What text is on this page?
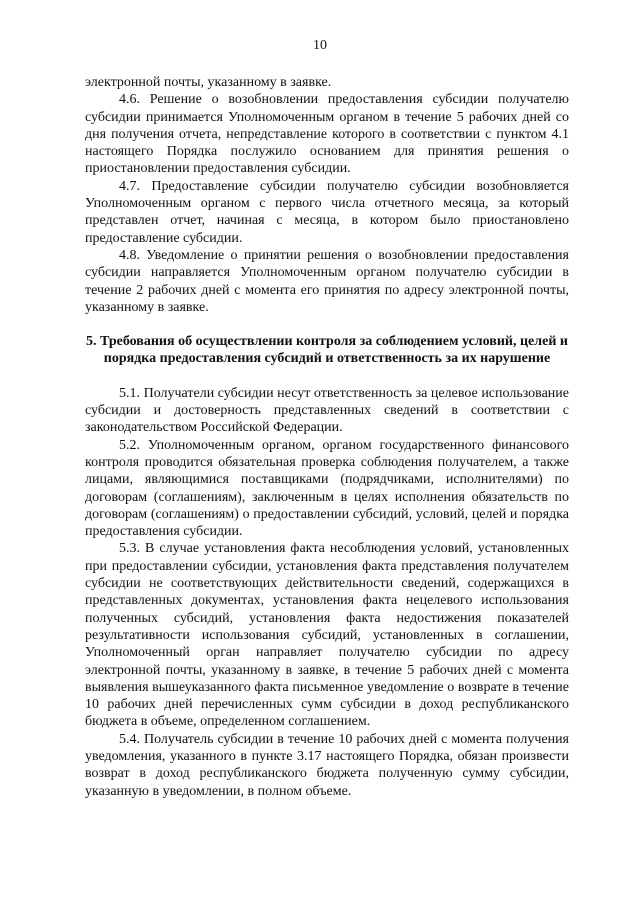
10

электронной почты, указанному в заявке.

4.6. Решение о возобновлении предоставления субсидии получателю субсидии принимается Уполномоченным органом в течение 5 рабочих дней со дня получения отчета, непредставление которого в соответствии с пунктом 4.1 настоящего Порядка послужило основанием для принятия решения о приостановлении предоставления субсидии.

4.7. Предоставление субсидии получателю субсидии возобновляется Уполномоченным органом с первого числа отчетного месяца, за который представлен отчет, начиная с месяца, в котором было приостановлено предоставление субсидии.

4.8. Уведомление о принятии решения о возобновлении предоставления субсидии направляется Уполномоченным органом получателю субсидии в течение 2 рабочих дней с момента его принятия по адресу электронной почты, указанному в заявке.

5. Требования об осуществлении контроля за соблюдением условий, целей и порядка предоставления субсидий и ответственность за их нарушение

5.1. Получатели субсидии несут ответственность за целевое использование субсидии и достоверность представленных сведений в соответствии с законодательством Российской Федерации.

5.2. Уполномоченным органом, органом государственного финансового контроля проводится обязательная проверка соблюдения получателем, а также лицами, являющимися поставщиками (подрядчиками, исполнителями) по договорам (соглашениям), заключенным в целях исполнения обязательств по договорам (соглашениям) о предоставлении субсидий, условий, целей и порядка предоставления субсидии.

5.3. В случае установления факта несоблюдения условий, установленных при предоставлении субсидии, установления факта представления получателем субсидии не соответствующих действительности сведений, содержащихся в представленных документах, установления факта нецелевого использования полученных субсидий, установления факта недостижения показателей результативности использования субсидий, установленных в соглашении, Уполномоченный орган направляет получателю субсидии по адресу электронной почты, указанному в заявке, в течение 5 рабочих дней с момента выявления вышеуказанного факта письменное уведомление о возврате в течение 10 рабочих дней перечисленных сумм субсидии в доход республиканского бюджета в объеме, определенном соглашением.

5.4. Получатель субсидии в течение 10 рабочих дней с момента получения уведомления, указанного в пункте 3.17 настоящего Порядка, обязан произвести возврат в доход республиканского бюджета полученную сумму субсидии, указанную в уведомлении, в полном объеме.
